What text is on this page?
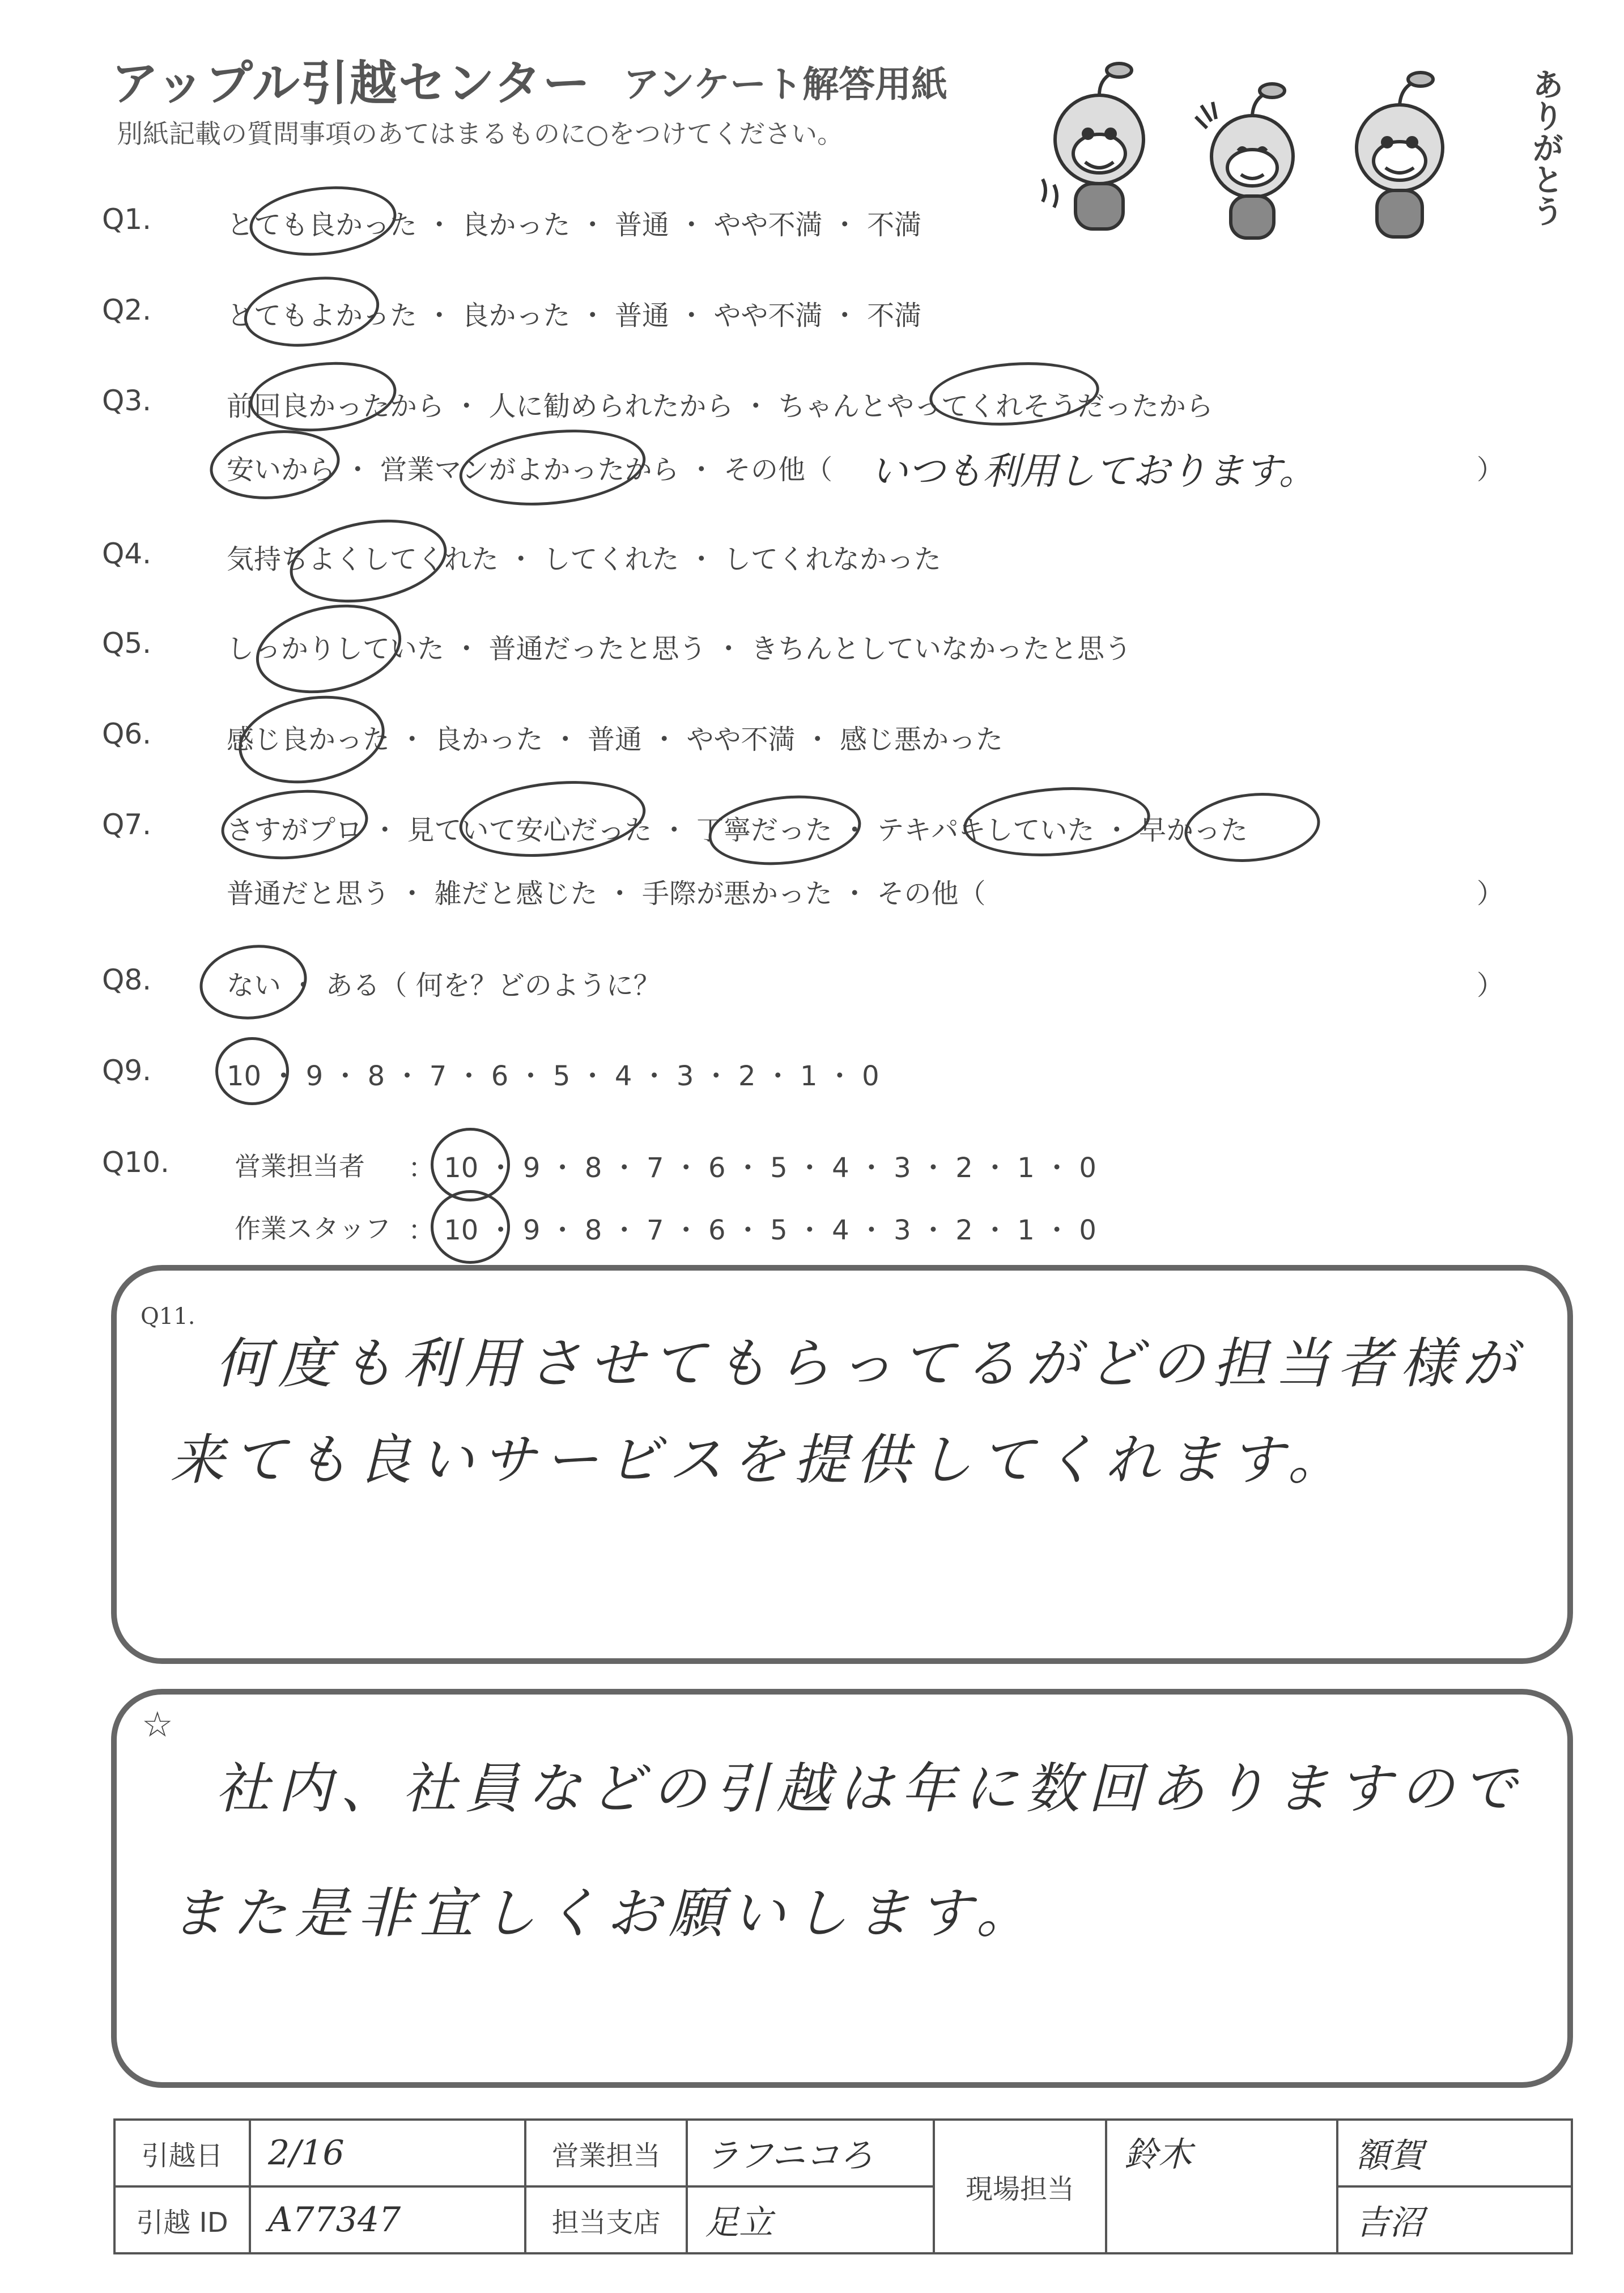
アップル引越センター アンケート解答用紙
別紙記載の質問事項のあてはまるものに○をつけてください。	ありがとう
Q1.	とても良かった ・ 良かった ・ 普通 ・ やや不満 ・ 不満
Q2.	とてもよかった ・ 良かった ・ 普通 ・ やや不満 ・ 不満
Q3.	前回良かったから ・ 人に勧められたから ・ ちゃんとやってくれそうだったから
安いから ・ 営業マンがよかったから ・ その他（ いつも利用しております。	）
Q4.	気持ちよくしてくれた ・ してくれた ・ してくれなかった
Q5.	しっかりしていた ・ 普通だったと思う ・ きちんとしていなかったと思う
Q6.	感じ良かった ・ 良かった ・ 普通 ・ やや不満 ・ 感じ悪かった
Q7.	さすがプロ ・ 見ていて安心だった ・ 丁寧だった ・ テキパキしていた ・ 早かった
普通だと思う ・ 雑だと感じた ・ 手際が悪かった ・ その他（	）
Q8.	ない ・ ある（ 何を？どのように？	）
Q9.	10 ・ 9 ・ 8 ・ 7 ・ 6 ・ 5 ・ 4 ・ 3 ・ 2 ・ 1 ・ 0
Q10.	営業担当者 ： 10 ・ 9 ・ 8 ・ 7 ・ 6 ・ 5 ・ 4 ・ 3 ・ 2 ・ 1 ・ 0
作業スタッフ ： 10 ・ 9 ・ 8 ・ 7 ・ 6 ・ 5 ・ 4 ・ 3 ・ 2 ・ 1 ・ 0
Q11.
何度も利用させてもらってるがどの担当者様が
来ても良いサービスを提供してくれます。
☆
社内、社員などの引越は年に数回ありますので
また是非宜しくお願いします。
引越日	2/16	営業担当	ラフニコろ	現場担当	鈴木	額賀
引越 ID	A77347	担当支店	足立			吉沼
